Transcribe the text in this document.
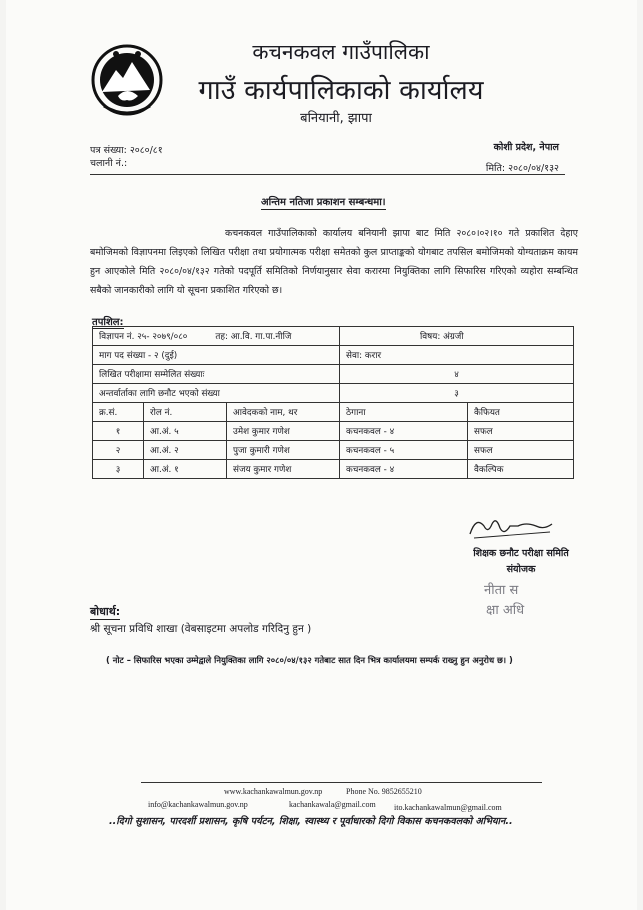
कचनकवल गाउँपालिका
गाउँ कार्यपालिकाको कार्यालय
बनियानी, झापा
पत्र संख्या: २०८०/८१
चलानी नं.:
कोशी प्रदेश, नेपाल
मिति: २०८०/०४/१३२
अन्तिम नतिजा प्रकाशन सम्बन्धमा।
कचनकवल गाउँपालिकाको कार्यालय बनियानी झापा बाट मिति २०८०।०२।१० गते प्रकाशित देहाए बमोजिमको विज्ञापनमा लिइएको लिखित परीक्षा तथा प्रयोगात्मक परीक्षा समेतको कुल प्राप्ताङ्कको योगबाट तपसिल बमोजिमको योग्यताक्रम कायम हुन आएकोले मिति २०८०/०४/१३२ गतेको पदपूर्ति समितिको निर्णयानुसार सेवा करारमा नियुक्तिका लागि सिफारिस गरिएको व्यहोरा सम्बन्धित सबैको जानकारीको लागि यो सूचना प्रकाशित गरिएको छ।
तपशिल:
विज्ञापन नं. २५- २०७९/०८० तह: आ.वि. गा.पा.नीजि			विषय: अंग्रजी	
माग पद संख्या - २ (दुई)			सेवा: करार	
लिखित परीक्षामा सम्मेलित संख्याः			४	
अन्तर्वार्ताका लागि छनौट भएको संख्या			३	
क्र.सं.	रोल नं.	आवेदकको नाम, थर	ठेगाना	कैफियत
१	आ.अं. ५	उमेश कुमार गणेश	कचनकवल - ४	सफल
२	आ.अं. २	पुजा कुमारी गणेश	कचनकवल - ५	सफल
३	आ.अं. १	संजय कुमार गणेश	कचनकवल - ४	वैकल्पिक
शिक्षक छनौट परीक्षा समिति
संयोजक
नीता स
क्षा अधि
बोधार्थ:
श्री सूचना प्रविधि शाखा (वेबसाइटमा अपलोड गरिदिनु हुन )
( नोट – सिफारिस भएका उम्मेद्वाले नियुक्तिका लागि २०८०/०४/१३२ गतेबाट सात दिन भित्र कार्यालयमा सम्पर्क राख्नु हुन अनुरोध छ। )
www.kachankawalmun.gov.np	Phone No. 9852655210
info@kachankawalmun.gov.np	kachankawala@gmail.com ito.kachankawalmun@gmail.com
..दिगो सुशासन, पारदर्शी प्रशासन, कृषि पर्यटन, शिक्षा, स्वास्थ्य र पूर्वाधारको दिगो विकास कचनकवलको अभियान..
